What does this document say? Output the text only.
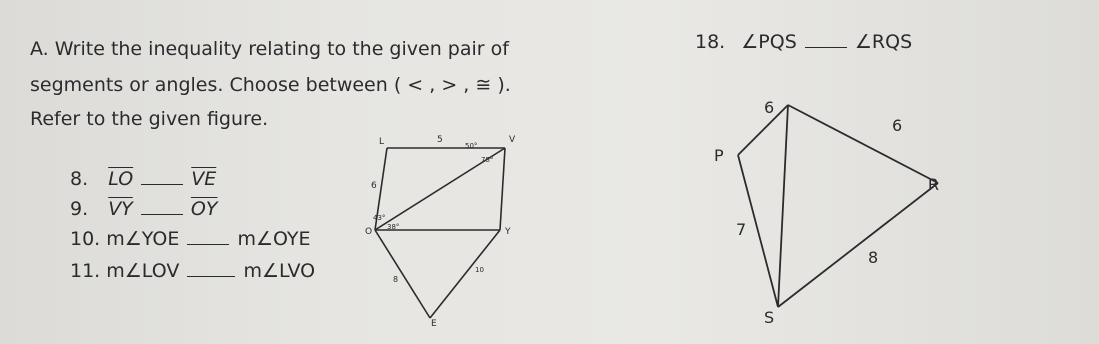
A. Write the inequality relating to the given pair of
segments or angles. Choose between ( < , > , ≅ ).
Refer to the given figure.
8. $\overline{LO}$	$\overline{VE}$
9. $\overline{VY}$	$\overline{OY}$
10. m∠YOE	m∠OYE
11. m∠LOV	m∠LVO
18. ∠PQS	∠RQS
L	V
O	Y
E
5
6
8
10
50°
75°
43°
38°
P
R
S
6
6
7
8
